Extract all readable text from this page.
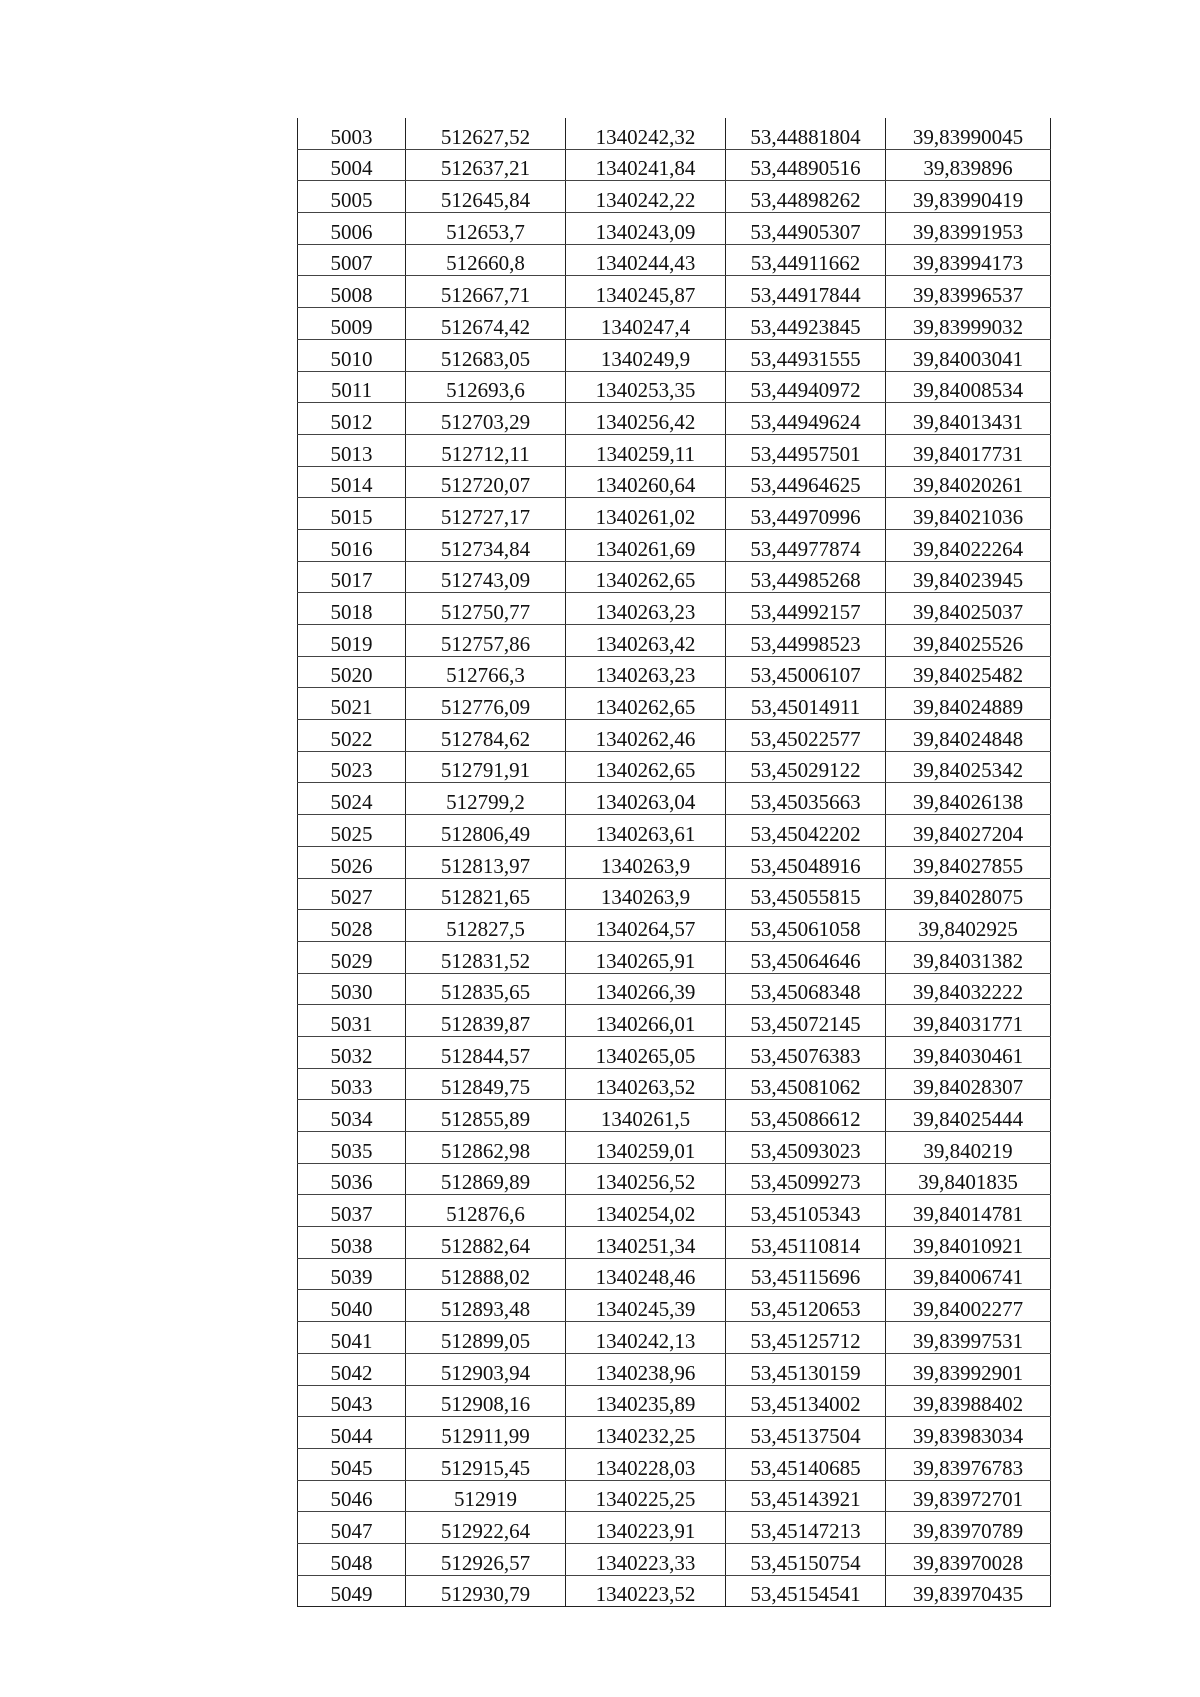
5003	512627,52	1340242,32	53,44881804	39,83990045
5004	512637,21	1340241,84	53,44890516	39,839896
5005	512645,84	1340242,22	53,44898262	39,83990419
5006	512653,7	1340243,09	53,44905307	39,83991953
5007	512660,8	1340244,43	53,44911662	39,83994173
5008	512667,71	1340245,87	53,44917844	39,83996537
5009	512674,42	1340247,4	53,44923845	39,83999032
5010	512683,05	1340249,9	53,44931555	39,84003041
5011	512693,6	1340253,35	53,44940972	39,84008534
5012	512703,29	1340256,42	53,44949624	39,84013431
5013	512712,11	1340259,11	53,44957501	39,84017731
5014	512720,07	1340260,64	53,44964625	39,84020261
5015	512727,17	1340261,02	53,44970996	39,84021036
5016	512734,84	1340261,69	53,44977874	39,84022264
5017	512743,09	1340262,65	53,44985268	39,84023945
5018	512750,77	1340263,23	53,44992157	39,84025037
5019	512757,86	1340263,42	53,44998523	39,84025526
5020	512766,3	1340263,23	53,45006107	39,84025482
5021	512776,09	1340262,65	53,45014911	39,84024889
5022	512784,62	1340262,46	53,45022577	39,84024848
5023	512791,91	1340262,65	53,45029122	39,84025342
5024	512799,2	1340263,04	53,45035663	39,84026138
5025	512806,49	1340263,61	53,45042202	39,84027204
5026	512813,97	1340263,9	53,45048916	39,84027855
5027	512821,65	1340263,9	53,45055815	39,84028075
5028	512827,5	1340264,57	53,45061058	39,8402925
5029	512831,52	1340265,91	53,45064646	39,84031382
5030	512835,65	1340266,39	53,45068348	39,84032222
5031	512839,87	1340266,01	53,45072145	39,84031771
5032	512844,57	1340265,05	53,45076383	39,84030461
5033	512849,75	1340263,52	53,45081062	39,84028307
5034	512855,89	1340261,5	53,45086612	39,84025444
5035	512862,98	1340259,01	53,45093023	39,840219
5036	512869,89	1340256,52	53,45099273	39,8401835
5037	512876,6	1340254,02	53,45105343	39,84014781
5038	512882,64	1340251,34	53,45110814	39,84010921
5039	512888,02	1340248,46	53,45115696	39,84006741
5040	512893,48	1340245,39	53,45120653	39,84002277
5041	512899,05	1340242,13	53,45125712	39,83997531
5042	512903,94	1340238,96	53,45130159	39,83992901
5043	512908,16	1340235,89	53,45134002	39,83988402
5044	512911,99	1340232,25	53,45137504	39,83983034
5045	512915,45	1340228,03	53,45140685	39,83976783
5046	512919	1340225,25	53,45143921	39,83972701
5047	512922,64	1340223,91	53,45147213	39,83970789
5048	512926,57	1340223,33	53,45150754	39,83970028
5049	512930,79	1340223,52	53,45154541	39,83970435
